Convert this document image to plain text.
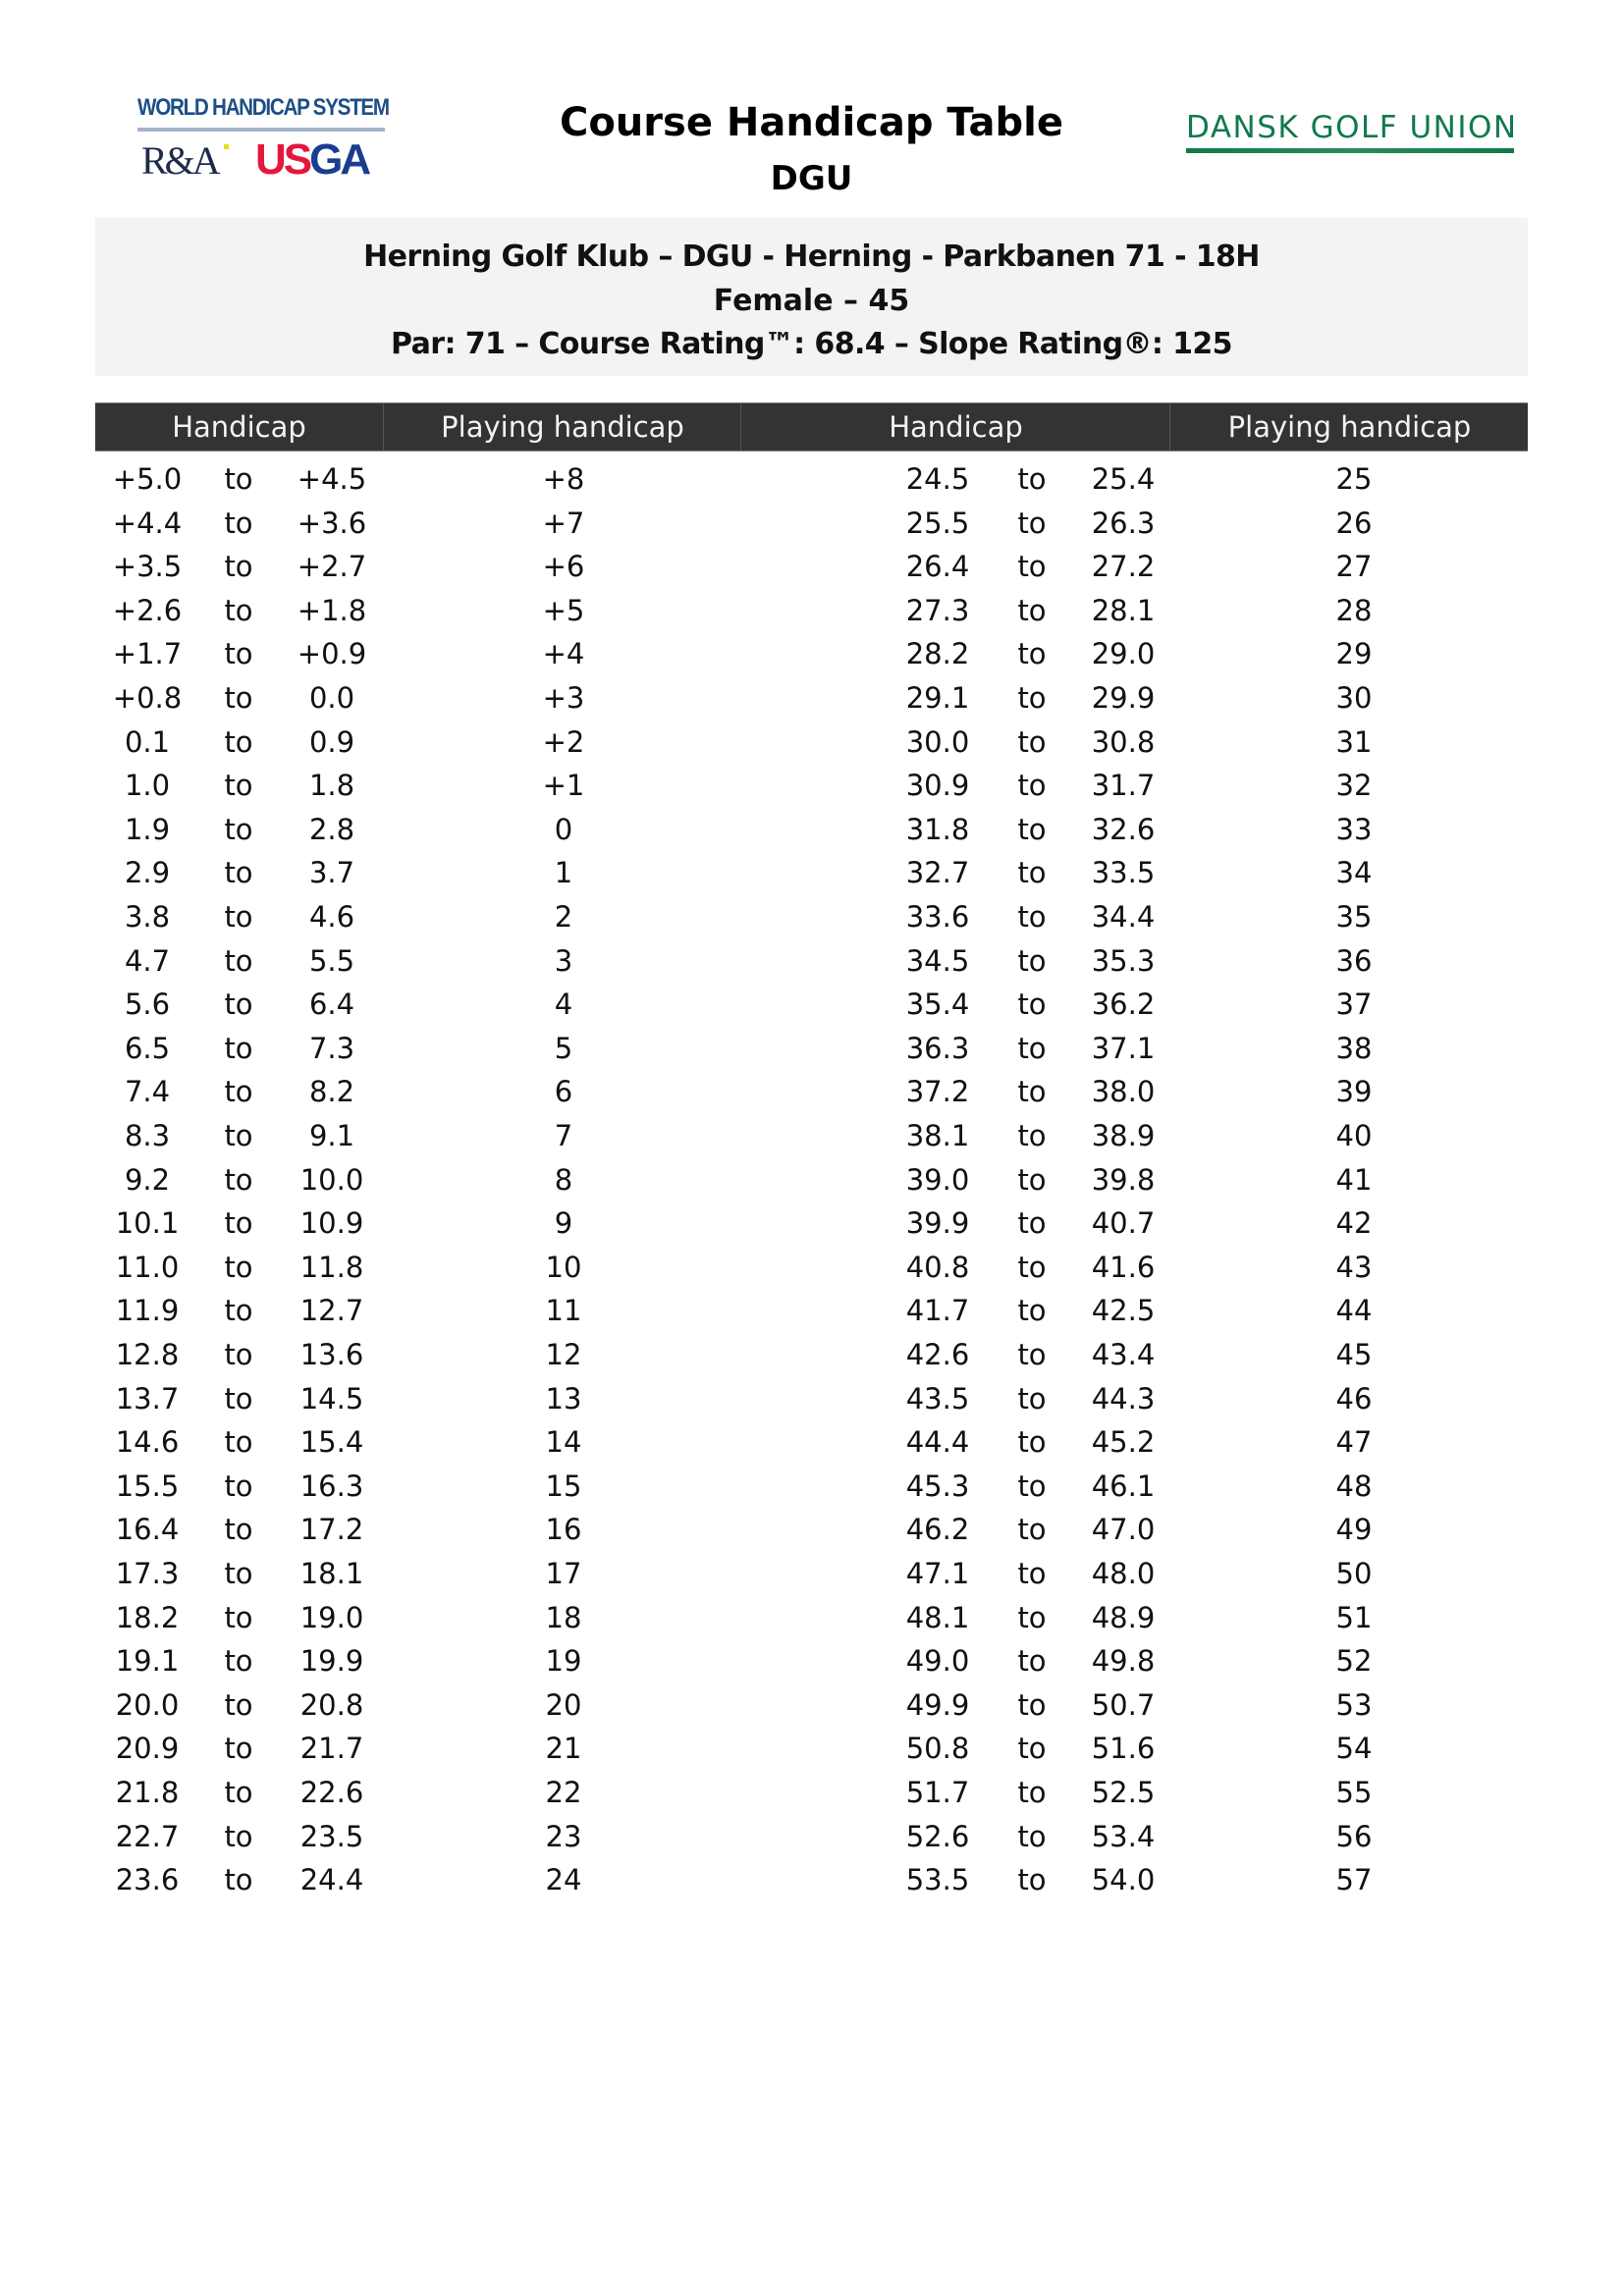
WORLD HANDICAP SYSTEM
R&A USGA
Course Handicap Table
DGU
DANSK GOLF UNION
Herning Golf Klub – DGU - Herning - Parkbanen 71 - 18H
Female – 45
Par: 71 – Course Rating™: 68.4 – Slope Rating®: 125
Handicap	Playing handicap	Handicap	Playing handicap
+5.0	to	+4.5	+8	24.5	to	25.4	25
+4.4	to	+3.6	+7	25.5	to	26.3	26
+3.5	to	+2.7	+6	26.4	to	27.2	27
+2.6	to	+1.8	+5	27.3	to	28.1	28
+1.7	to	+0.9	+4	28.2	to	29.0	29
+0.8	to	0.0	+3	29.1	to	29.9	30
0.1	to	0.9	+2	30.0	to	30.8	31
1.0	to	1.8	+1	30.9	to	31.7	32
1.9	to	2.8	0	31.8	to	32.6	33
2.9	to	3.7	1	32.7	to	33.5	34
3.8	to	4.6	2	33.6	to	34.4	35
4.7	to	5.5	3	34.5	to	35.3	36
5.6	to	6.4	4	35.4	to	36.2	37
6.5	to	7.3	5	36.3	to	37.1	38
7.4	to	8.2	6	37.2	to	38.0	39
8.3	to	9.1	7	38.1	to	38.9	40
9.2	to	10.0	8	39.0	to	39.8	41
10.1	to	10.9	9	39.9	to	40.7	42
11.0	to	11.8	10	40.8	to	41.6	43
11.9	to	12.7	11	41.7	to	42.5	44
12.8	to	13.6	12	42.6	to	43.4	45
13.7	to	14.5	13	43.5	to	44.3	46
14.6	to	15.4	14	44.4	to	45.2	47
15.5	to	16.3	15	45.3	to	46.1	48
16.4	to	17.2	16	46.2	to	47.0	49
17.3	to	18.1	17	47.1	to	48.0	50
18.2	to	19.0	18	48.1	to	48.9	51
19.1	to	19.9	19	49.0	to	49.8	52
20.0	to	20.8	20	49.9	to	50.7	53
20.9	to	21.7	21	50.8	to	51.6	54
21.8	to	22.6	22	51.7	to	52.5	55
22.7	to	23.5	23	52.6	to	53.4	56
23.6	to	24.4	24	53.5	to	54.0	57
